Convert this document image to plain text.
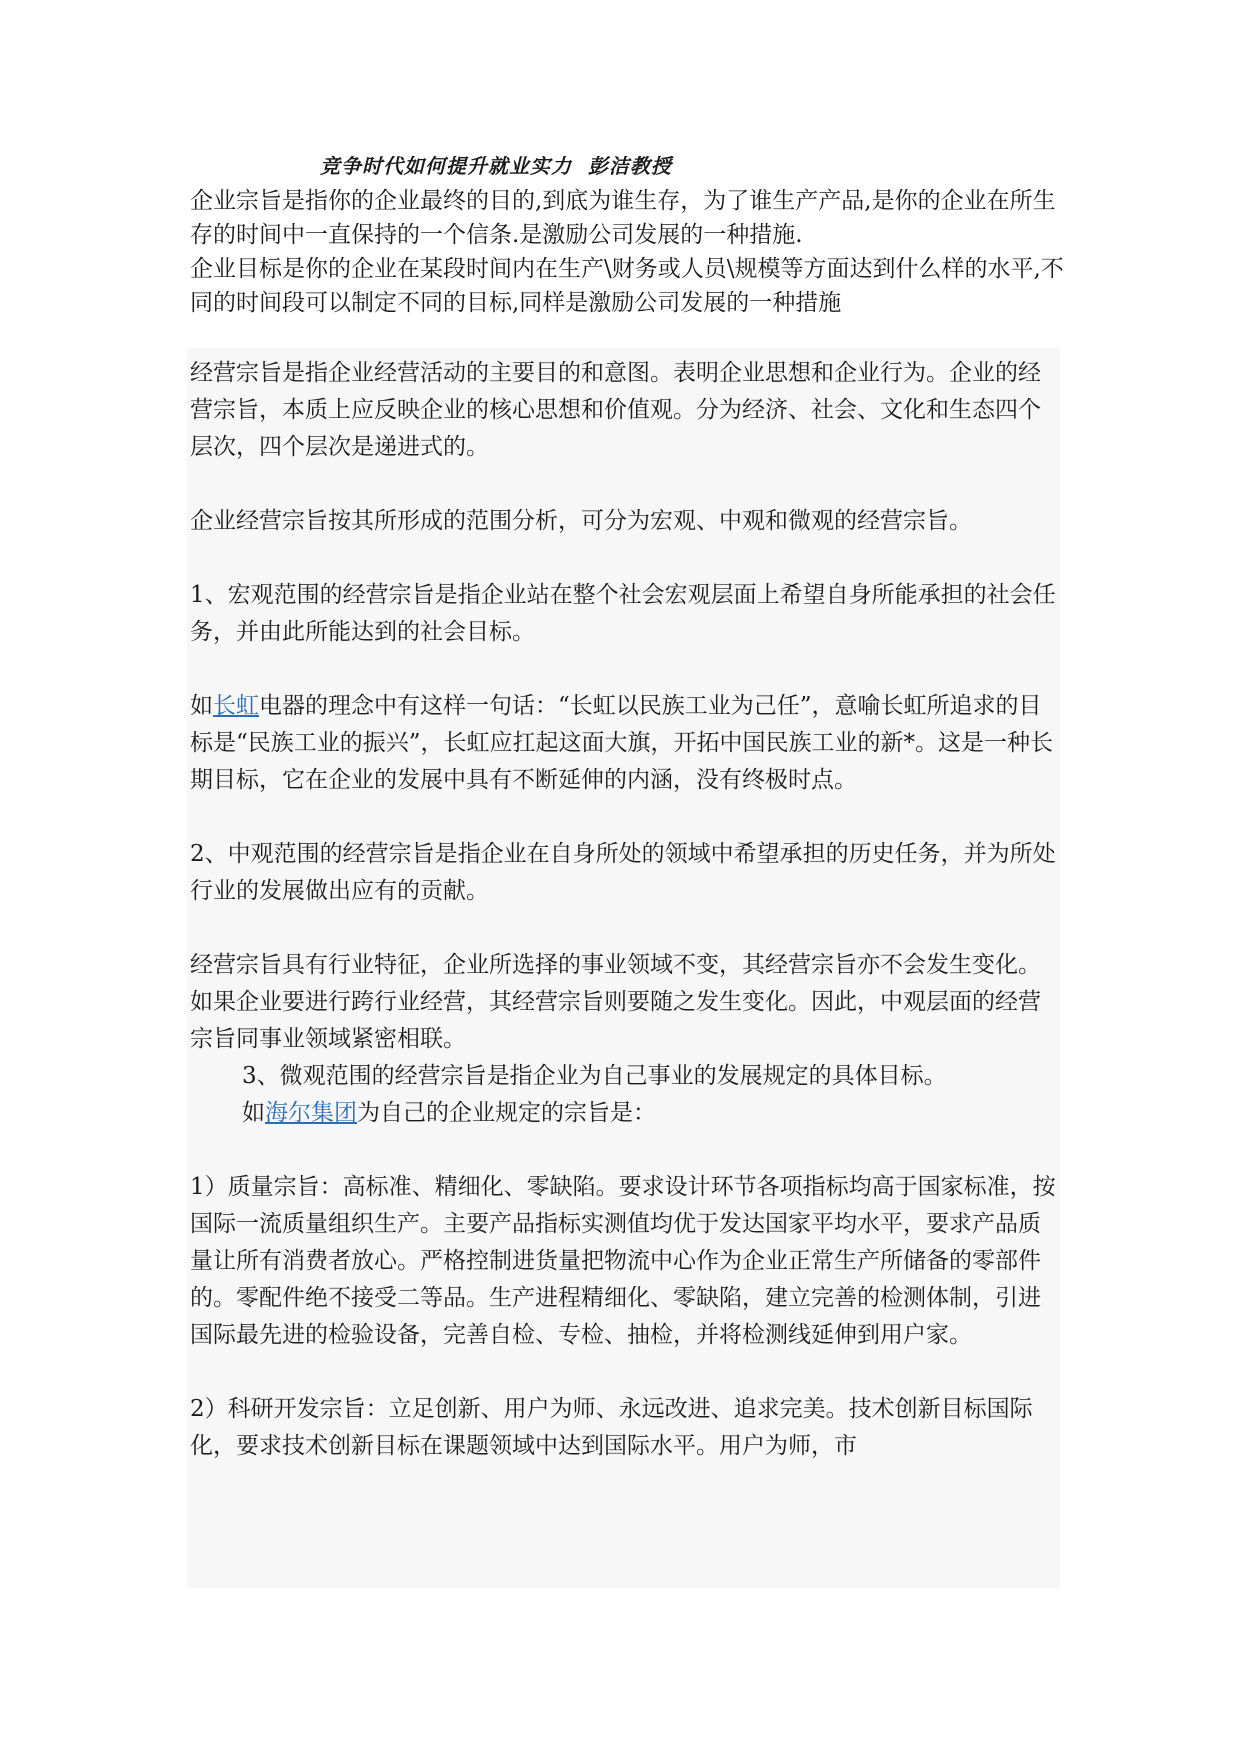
竞争时代如何提升就业实力  彭洁教授

企业宗旨是指你的企业最终的目的,到底为谁生存，为了谁生产产品,是你的企业在所生存的时间中一直保持的一个信条.是激励公司发展的一种措施.

企业目标是你的企业在某段时间内在生产\财务或人员\规模等方面达到什么样的水平,不同的时间段可以制定不同的目标,同样是激励公司发展的一种措施

经营宗旨是指企业经营活动的主要目的和意图。表明企业思想和企业行为。企业的经营宗旨，本质上应反映企业的核心思想和价值观。分为经济、社会、文化和生态四个层次，四个层次是递进式的。

企业经营宗旨按其所形成的范围分析，可分为宏观、中观和微观的经营宗旨。

1、宏观范围的经营宗旨是指企业站在整个社会宏观层面上希望自身所能承担的社会任务，并由此所能达到的社会目标。

如长虹电器的理念中有这样一句话：“长虹以民族工业为己任”，意喻长虹所追求的目标是“民族工业的振兴”，长虹应扛起这面大旗，开拓中国民族工业的新*。这是一种长期目标，它在企业的发展中具有不断延伸的内涵，没有终极时点。

2、中观范围的经营宗旨是指企业在自身所处的领域中希望承担的历史任务，并为所处行业的发展做出应有的贡献。

经营宗旨具有行业特征，企业所选择的事业领域不变，其经营宗旨亦不会发生变化。如果企业要进行跨行业经营，其经营宗旨则要随之发生变化。因此，中观层面的经营宗旨同事业领域紧密相联。

3、微观范围的经营宗旨是指企业为自己事业的发展规定的具体目标。

如海尔集团为自己的企业规定的宗旨是：

1）质量宗旨：高标准、精细化、零缺陷。要求设计环节各项指标均高于国家标准，按国际一流质量组织生产。主要产品指标实测值均优于发达国家平均水平，要求产品质量让所有消费者放心。严格控制进货量把物流中心作为企业正常生产所储备的零部件的。零配件绝不接受二等品。生产进程精细化、零缺陷，建立完善的检测体制，引进国际最先进的检验设备，完善自检、专检、抽检，并将检测线延伸到用户家。

2）科研开发宗旨：立足创新、用户为师、永远改进、追求完美。技术创新目标国际化，要求技术创新目标在课题领域中达到国际水平。用户为师，市
